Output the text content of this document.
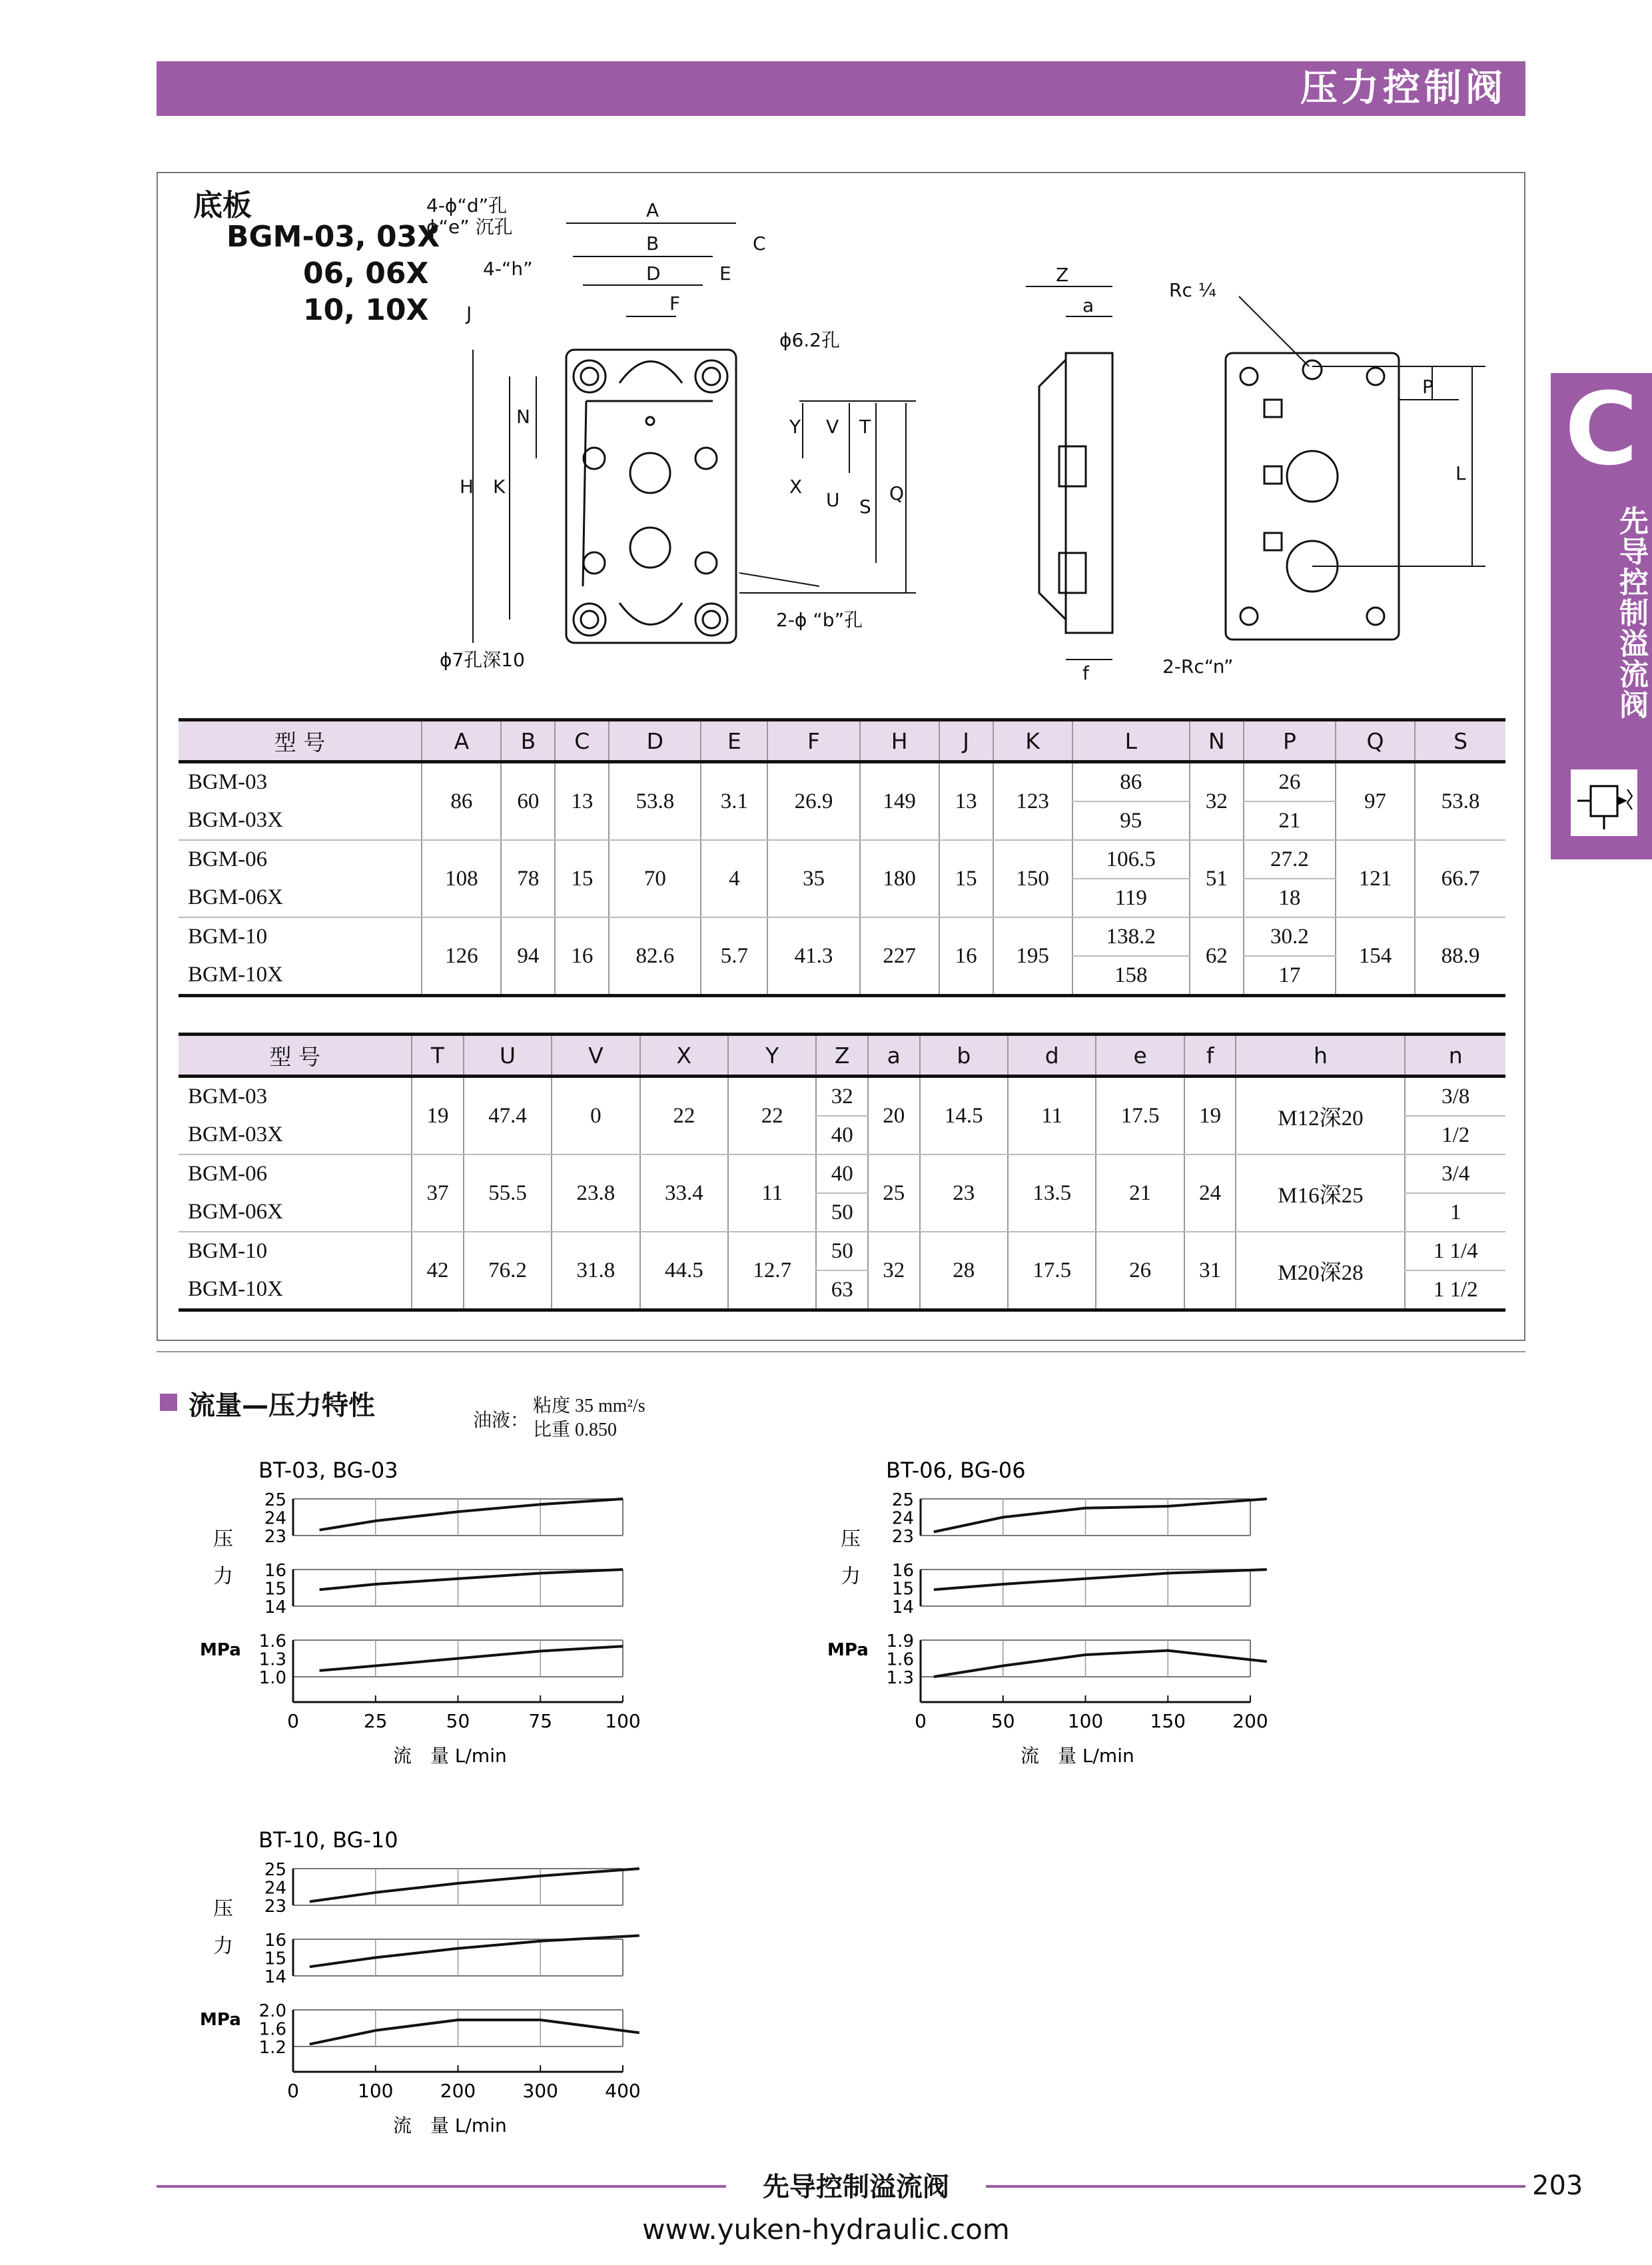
压力控制阀
C
先导控制溢流阀
底板
BGM-03, 03X
06, 06X
10, 10X
4-ϕ“d”孔
ϕ“e” 沉孔
4-“h”
A
B	C
D	E
F
ϕ6.2孔
J
N
H K
Y V T
X
U S
Q
2-ϕ “b”孔
ϕ7孔深10
Z
a
f
Rc ¼
2-Rc“n”
P
L
型 号	A	B	C	D	E	F	H	J	K	L	N	P	Q	S
BGM-03	86	60	13	53.8	3.1	26.9	149	13	123	86	32	26	97	53.8
BGM-03X										95		21		
BGM-06	108	78	15	70	4	35	180	15	150	106.5	51	27.2	121	66.7
BGM-06X										119		18		
BGM-10	126	94	16	82.6	5.7	41.3	227	16	195	138.2	62	30.2	154	88.9
BGM-10X										158		17		
型 号	T	U	V	X	Y	Z	a	b	d	e	f	h	n
BGM-03	19	47.4	0	22	22	32	20	14.5	11	17.5	19	M12深20	3/8
BGM-03X						40							1/2
BGM-06	37	55.5	23.8	33.4	11	40	25	23	13.5	21	24	M16深25	3/4
BGM-06X						50							1
BGM-10	42	76.2	31.8	44.5	12.7	50	32	28	17.5	26	31	M20深28	1 1/4
BGM-10X						63							1 1/2
流量—压力特性	油液：
粘度 35 mm²/s
比重 0.850
BT-03, BG-03
压
力
MPa
25
24
23
16
15
14
1.6
1.3
1.0
0	25	50	75	100
流　量 L/min
BT-06, BG-06
压
力
MPa
25
24
23
16
15
14
1.9
1.6
1.3
0	50	100	150	200
流　量 L/min
BT-10, BG-10
压
力
MPa
25
24
23
16
15
14
2.0
1.6
1.2
0	100	200	300	400
流　量 L/min
先导控制溢流阀	203
www.yuken-hydraulic.com
